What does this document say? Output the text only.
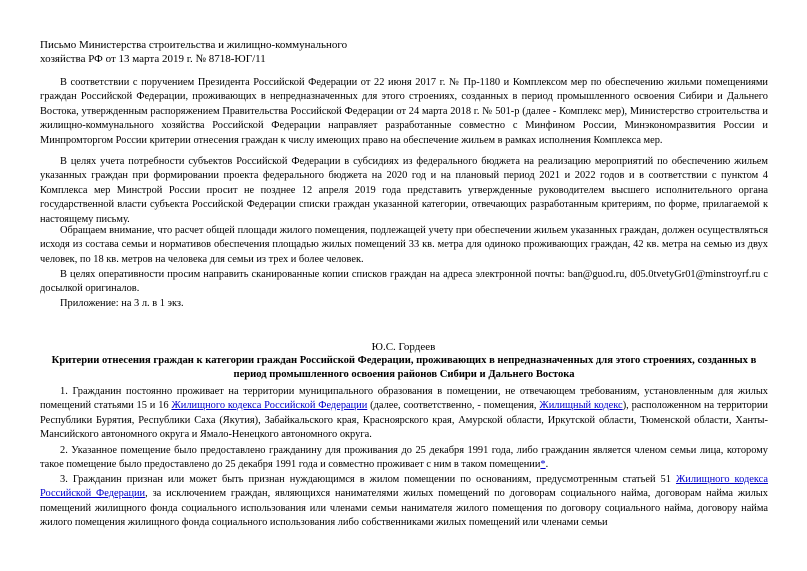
Письмо Министерства строительства и жилищно-коммунального
хозяйства РФ от 13 марта 2019 г. № 8718-ЮГ/11
В соответствии с поручением Президента Российской Федерации от 22 июня 2017 г. № Пр-1180 и Комплексом мер по обеспечению жильми помещениями граждан Российской Федерации, проживающих в непредназначенных для этого строениях, созданных в период промышленного освоения Сибири и Дальнего Востока, утвержденным распоряжением Правительства Российской Федерации от 24 марта 2018 г. № 501-р (далее - Комплекс мер), Министерство строительства и жилищно-коммунального хозяйства Российской Федерации направляет разработанные совместно с Минфином России, Минэкономразвития России и Минпромторгом России критерии отнесения граждан к числу имеющих право на обеспечение жильем в рамках исполнения Комплекса мер.
В целях учета потребности субъектов Российской Федерации в субсидиях из федерального бюджета на реализацию мероприятий по обеспечению жильем указанных граждан при формировании проекта федерального бюджета на 2020 год и на плановый период 2021 и 2022 годов и в соответствии с пунктом 4 Комплекса мер Минстрой России просит не позднее 12 апреля 2019 года представить утвержденные руководителем высшего исполнительного органа государственной власти субъекта Российской Федерации списки граждан указанной категории, отвечающих разработанным критериям, по форме, прилагаемой к настоящему письму.
Обращаем внимание, что расчет общей площади жилого помещения, подлежащей учету при обеспечении жильем указанных граждан, должен осуществляться исходя из состава семьи и нормативов обеспечения площадью жилых помещений 33 кв. метра для одиноко проживающих граждан, 42 кв. метра на семью из двух человек, по 18 кв. метров на человека для семьи из трех и более человек.
В целях оперативности просим направить сканированные копии списков граждан на адреса электронной почты: ban@guod.ru, d05.0tvetyGr01@minstroyrf.ru с досылкой оригиналов.
Приложение: на 3 л. в 1 экз.
Ю.С. Гордеев
Критерии отнесения граждан к категории граждан Российской Федерации, проживающих в непредназначенных для этого строениях, созданных в период промышленного освоения районов Сибири и Дальнего Востока
1. Гражданин постоянно проживает на территории муниципального образования в помещении, не отвечающем требованиям, установленным для жилых помещений статьями 15 и 16 Жилищного кодекса Российской Федерации (далее, соответственно, - помещения, Жилищный кодекс), расположенном на территории Республики Бурятия, Республики Саха (Якутия), Забайкальского края, Красноярского края, Амурской области, Иркутской области, Тюменской области, Ханты-Мансийского автономного округа и Ямало-Ненецкого автономного округа.
2. Указанное помещение было предоставлено гражданину для проживания до 25 декабря 1991 года, либо гражданин является членом семьи лица, которому такое помещение было предоставлено до 25 декабря 1991 года и совместно проживает с ним в таком помещении*.
3. Гражданин признан или может быть признан нуждающимся в жилом помещении по основаниям, предусмотренным статьей 51 Жилищного кодекса Российской Федерации, за исключением граждан, являющихся нанимателями жилых помещений по договорам социального найма, договорам найма жилых помещений жилищного фонда социального использования или членами семьи нанимателя жилого помещения по договору социального найма, договору найма жилого помещения жилищного фонда социального использования либо собственниками жилых помещений или членами семьи
